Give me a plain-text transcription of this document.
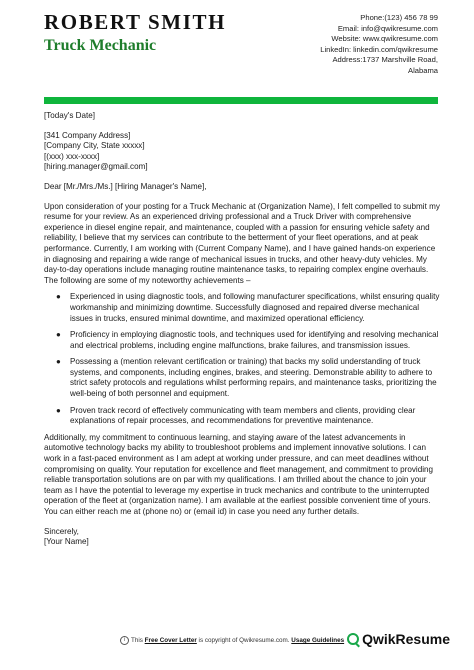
ROBERT SMITH
Truck Mechanic
Phone:(123) 456 78 99
Email: info@qwikresume.com
Website: www.qwikresume.com
LinkedIn: linkedin.com/qwikresume
Address:1737 Marshville Road,
Alabama

[Today's Date]

[341 Company Address]

[Company City, State xxxxx]

[(xxx) xxx-xxxx]

[hiring.manager@gmail.com]

Dear [Mr./Mrs./Ms.] [Hiring Manager's Name],

Upon consideration of your posting for a Truck Mechanic at (Organization Name), I felt compelled to submit my resume for your review. As an experienced driving professional and a Truck Driver with comprehensive experience in diesel engine repair, and maintenance, coupled with a passion for ensuring vehicle safety and reliability, I believe that my services can contribute to the betterment of your fleet operations, and at peak performance. Currently, I am working with (Current Company Name), and I have gained hands-on experience in diagnosing and repairing a wide range of mechanical issues in trucks, and other heavy-duty vehicles. My day-to-day operations include managing routine maintenance tasks, to repairing complex engine overhauls. The following are some of my noteworthy achievements –

● Experienced in using diagnostic tools, and following manufacturer specifications, whilst ensuring quality workmanship and minimizing downtime. Successfully diagnosed and repaired diverse mechanical issues in trucks, ensured minimal downtime, and maximized operational efficiency.
● Proficiency in employing diagnostic tools, and techniques used for identifying and resolving mechanical and electrical problems, including engine malfunctions, brake failures, and transmission issues.
● Possessing a (mention relevant certification or training) that backs my solid understanding of truck systems, and components, including engines, brakes, and steering. Demonstrable ability to adhere to strict safety protocols and regulations whilst performing repairs, and maintenance tasks, prioritizing the well-being of both personnel and equipment.
● Proven track record of effectively communicating with team members and clients, providing clear explanations of repair processes, and recommendations for preventive maintenance.

Additionally, my commitment to continuous learning, and staying aware of the latest advancements in automotive technology backs my ability to troubleshoot problems and implement innovative solutions. I can work in a fast-paced environment as I am adept at working under pressure, and can meet deadlines without compromising on quality. Your reputation for excellence and fleet management, and commitment to providing reliable transportation solutions are on par with my qualifications. I am thrilled about the chance to join your team as I have the potential to leverage my expertise in truck mechanics and contribute to the uninterrupted operation of the fleet at (organization name). I am available at the earliest possible convenient time of yours. You can either reach me at (phone no) or (email id) in case you need any further details.

Sincerely,

[Your Name]

i This Free Cover Letter is copyright of Qwikresume.com. Usage Guidelines QwikResume
